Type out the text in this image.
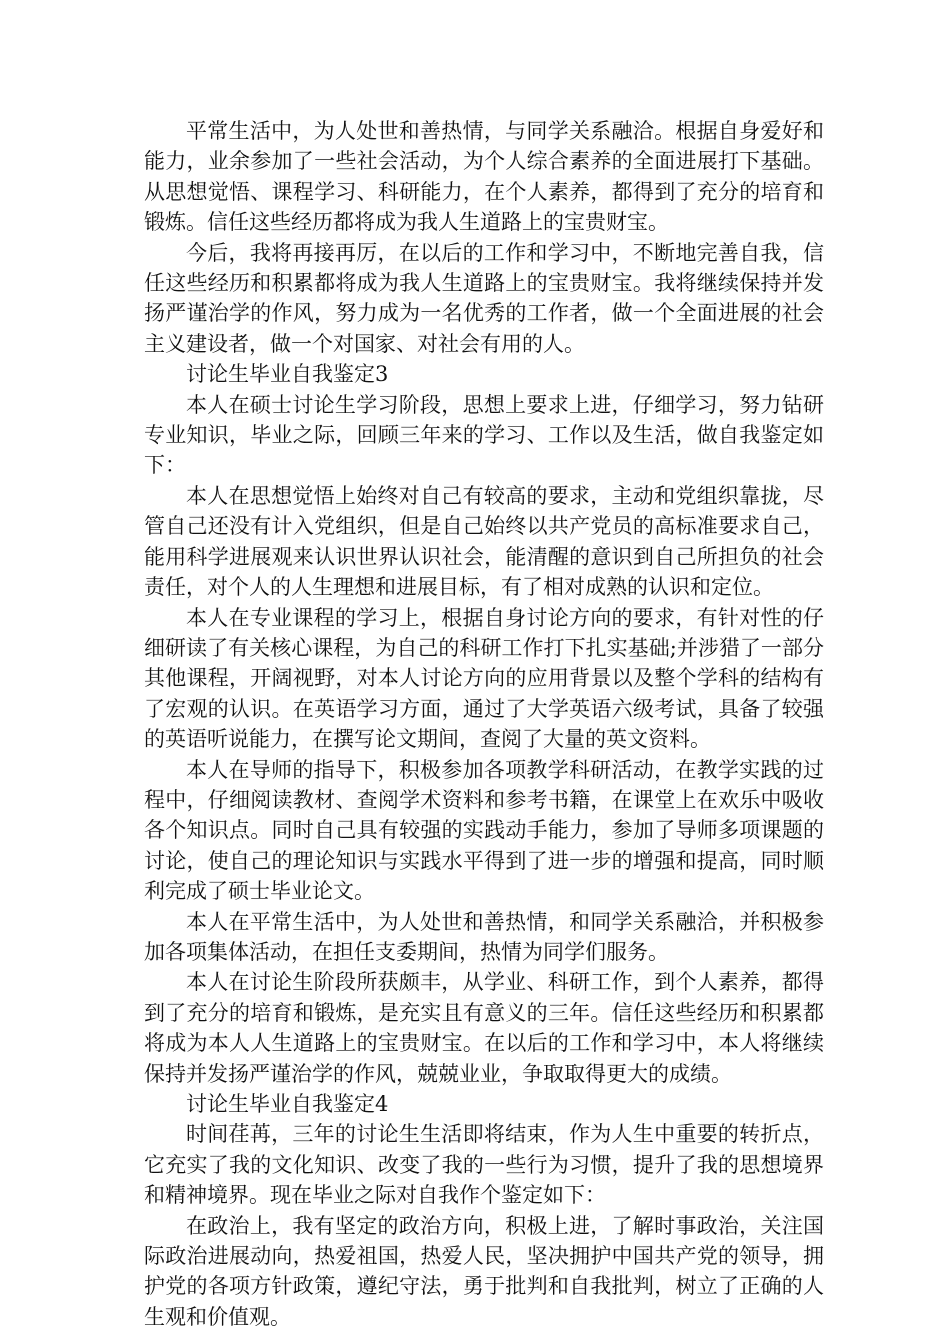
平常生活中，为人处世和善热情，与同学关系融洽。根据自身爱好和能力，业余参加了一些社会活动，为个人综合素养的全面进展打下基础。从思想觉悟、课程学习、科研能力，在个人素养，都得到了充分的培育和锻炼。信任这些经历都将成为我人生道路上的宝贵财宝。

今后，我将再接再厉，在以后的工作和学习中，不断地完善自我，信任这些经历和积累都将成为我人生道路上的宝贵财宝。我将继续保持并发扬严谨治学的作风，努力成为一名优秀的工作者，做一个全面进展的社会主义建设者，做一个对国家、对社会有用的人。

讨论生毕业自我鉴定3

本人在硕士讨论生学习阶段，思想上要求上进，仔细学习，努力钻研专业知识，毕业之际，回顾三年来的学习、工作以及生活，做自我鉴定如下：

本人在思想觉悟上始终对自己有较高的要求，主动和党组织靠拢，尽管自己还没有计入党组织，但是自己始终以共产党员的高标准要求自己，能用科学进展观来认识世界认识社会，能清醒的意识到自己所担负的社会责任，对个人的人生理想和进展目标，有了相对成熟的认识和定位。

本人在专业课程的学习上，根据自身讨论方向的要求，有针对性的仔细研读了有关核心课程，为自己的科研工作打下扎实基础;并涉猎了一部分其他课程，开阔视野，对本人讨论方向的应用背景以及整个学科的结构有了宏观的认识。在英语学习方面，通过了大学英语六级考试，具备了较强的英语听说能力，在撰写论文期间，查阅了大量的英文资料。

本人在导师的指导下，积极参加各项教学科研活动，在教学实践的过程中，仔细阅读教材、查阅学术资料和参考书籍，在课堂上在欢乐中吸收各个知识点。同时自己具有较强的实践动手能力，参加了导师多项课题的讨论，使自己的理论知识与实践水平得到了进一步的增强和提高，同时顺利完成了硕士毕业论文。

本人在平常生活中，为人处世和善热情，和同学关系融洽，并积极参加各项集体活动，在担任支委期间，热情为同学们服务。

本人在讨论生阶段所获颇丰，从学业、科研工作，到个人素养，都得到了充分的培育和锻炼，是充实且有意义的三年。信任这些经历和积累都将成为本人人生道路上的宝贵财宝。在以后的工作和学习中，本人将继续保持并发扬严谨治学的作风，兢兢业业，争取取得更大的成绩。

讨论生毕业自我鉴定4

时间荏苒，三年的讨论生生活即将结束，作为人生中重要的转折点，它充实了我的文化知识、改变了我的一些行为习惯，提升了我的思想境界和精神境界。现在毕业之际对自我作个鉴定如下：

在政治上，我有坚定的政治方向，积极上进，了解时事政治，关注国际政治进展动向，热爱祖国，热爱人民，坚决拥护中国共产党的领导，拥护党的各项方针政策，遵纪守法，勇于批判和自我批判，树立了正确的人生观和价值观。
